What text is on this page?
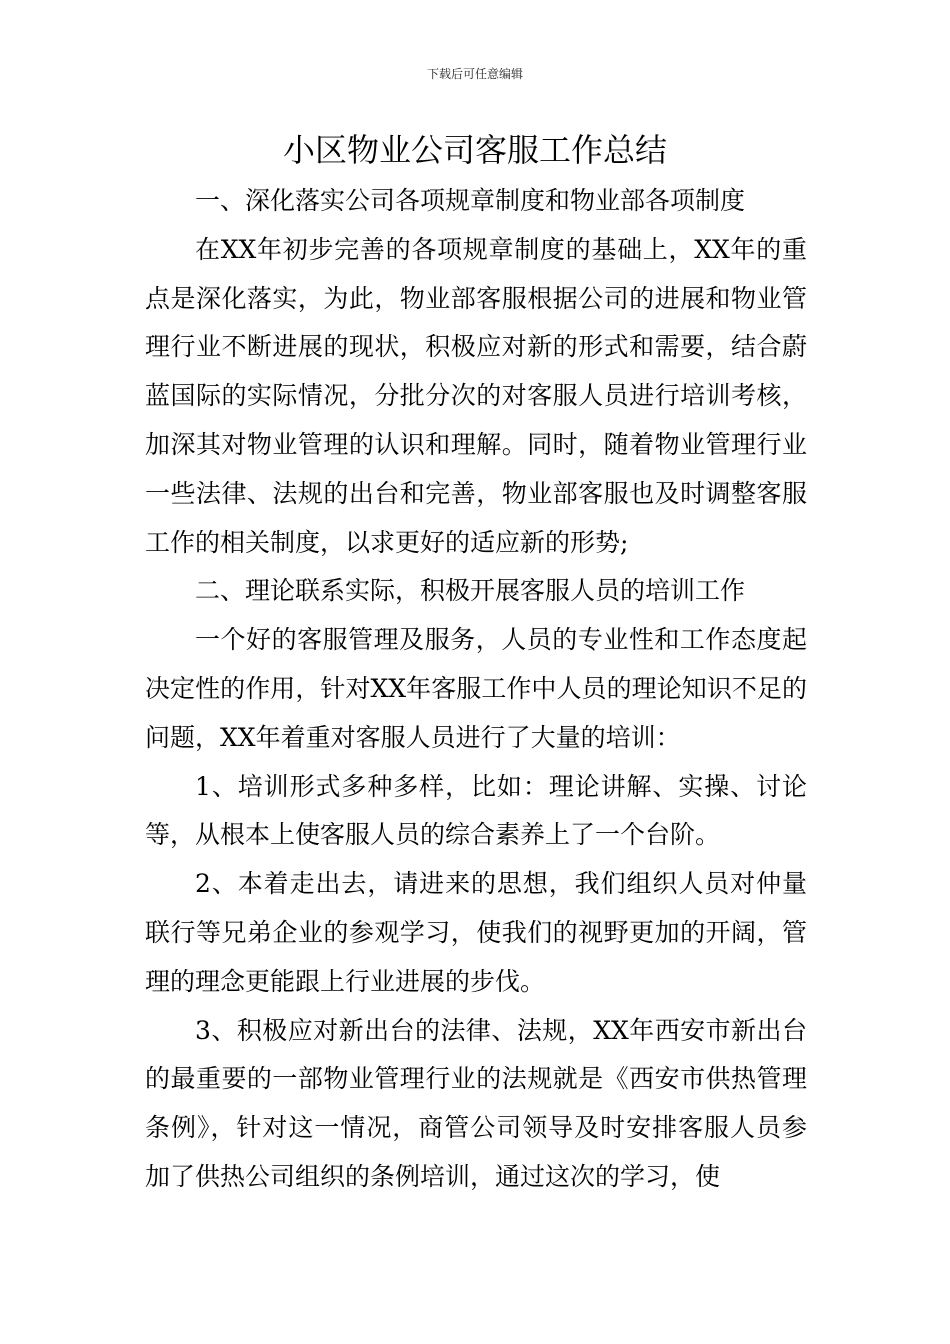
下载后可任意编辑
小区物业公司客服工作总结

一、深化落实公司各项规章制度和物业部各项制度

在XX年初步完善的各项规章制度的基础上，XX年的重点是深化落实，为此，物业部客服根据公司的进展和物业管理行业不断进展的现状，积极应对新的形式和需要，结合蔚蓝国际的实际情况，分批分次的对客服人员进行培训考核，加深其对物业管理的认识和理解。同时，随着物业管理行业一些法律、法规的出台和完善，物业部客服也及时调整客服工作的相关制度，以求更好的适应新的形势;

二、理论联系实际，积极开展客服人员的培训工作

一个好的客服管理及服务，人员的专业性和工作态度起决定性的作用，针对XX年客服工作中人员的理论知识不足的问题，XX年着重对客服人员进行了大量的培训：

1、培训形式多种多样，比如：理论讲解、实操、讨论等，从根本上使客服人员的综合素养上了一个台阶。

2、本着走出去，请进来的思想，我们组织人员对仲量联行等兄弟企业的参观学习，使我们的视野更加的开阔，管理的理念更能跟上行业进展的步伐。

3、积极应对新出台的法律、法规，XX年西安市新出台的最重要的一部物业管理行业的法规就是《西安市供热管理条例》，针对这一情况，商管公司领导及时安排客服人员参加了供热公司组织的条例培训，通过这次的学习，使
